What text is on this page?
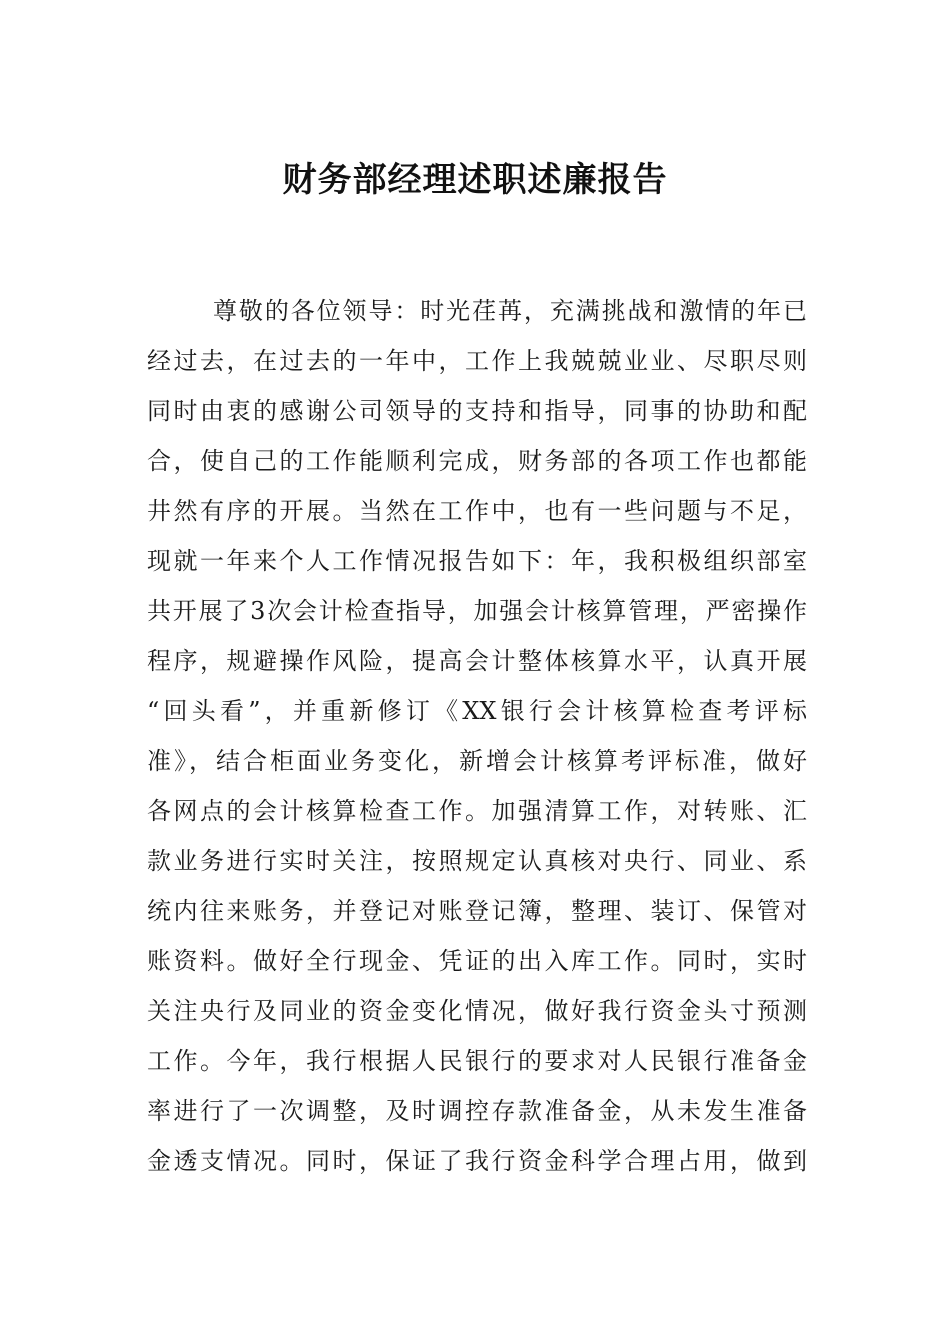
财务部经理述职述廉报告
尊敬的各位领导：时光荏苒，充满挑战和激情的年已
经过去，在过去的一年中，工作上我兢兢业业、尽职尽则
同时由衷的感谢公司领导的支持和指导，同事的协助和配
合，使自己的工作能顺利完成，财务部的各项工作也都能
井然有序的开展。当然在工作中，也有一些问题与不足，
现就一年来个人工作情况报告如下：年，我积极组织部室
共开展了3次会计检查指导，加强会计核算管理，严密操作
程序，规避操作风险，提高会计整体核算水平，认真开展
“回头看”，并重新修订《XX银行会计核算检查考评标
准》，结合柜面业务变化，新增会计核算考评标准，做好
各网点的会计核算检查工作。加强清算工作，对转账、汇
款业务进行实时关注，按照规定认真核对央行、同业、系
统内往来账务，并登记对账登记簿，整理、装订、保管对
账资料。做好全行现金、凭证的出入库工作。同时，实时
关注央行及同业的资金变化情况，做好我行资金头寸预测
工作。今年，我行根据人民银行的要求对人民银行准备金
率进行了一次调整，及时调控存款准备金，从未发生准备
金透支情况。同时，保证了我行资金科学合理占用，做到
